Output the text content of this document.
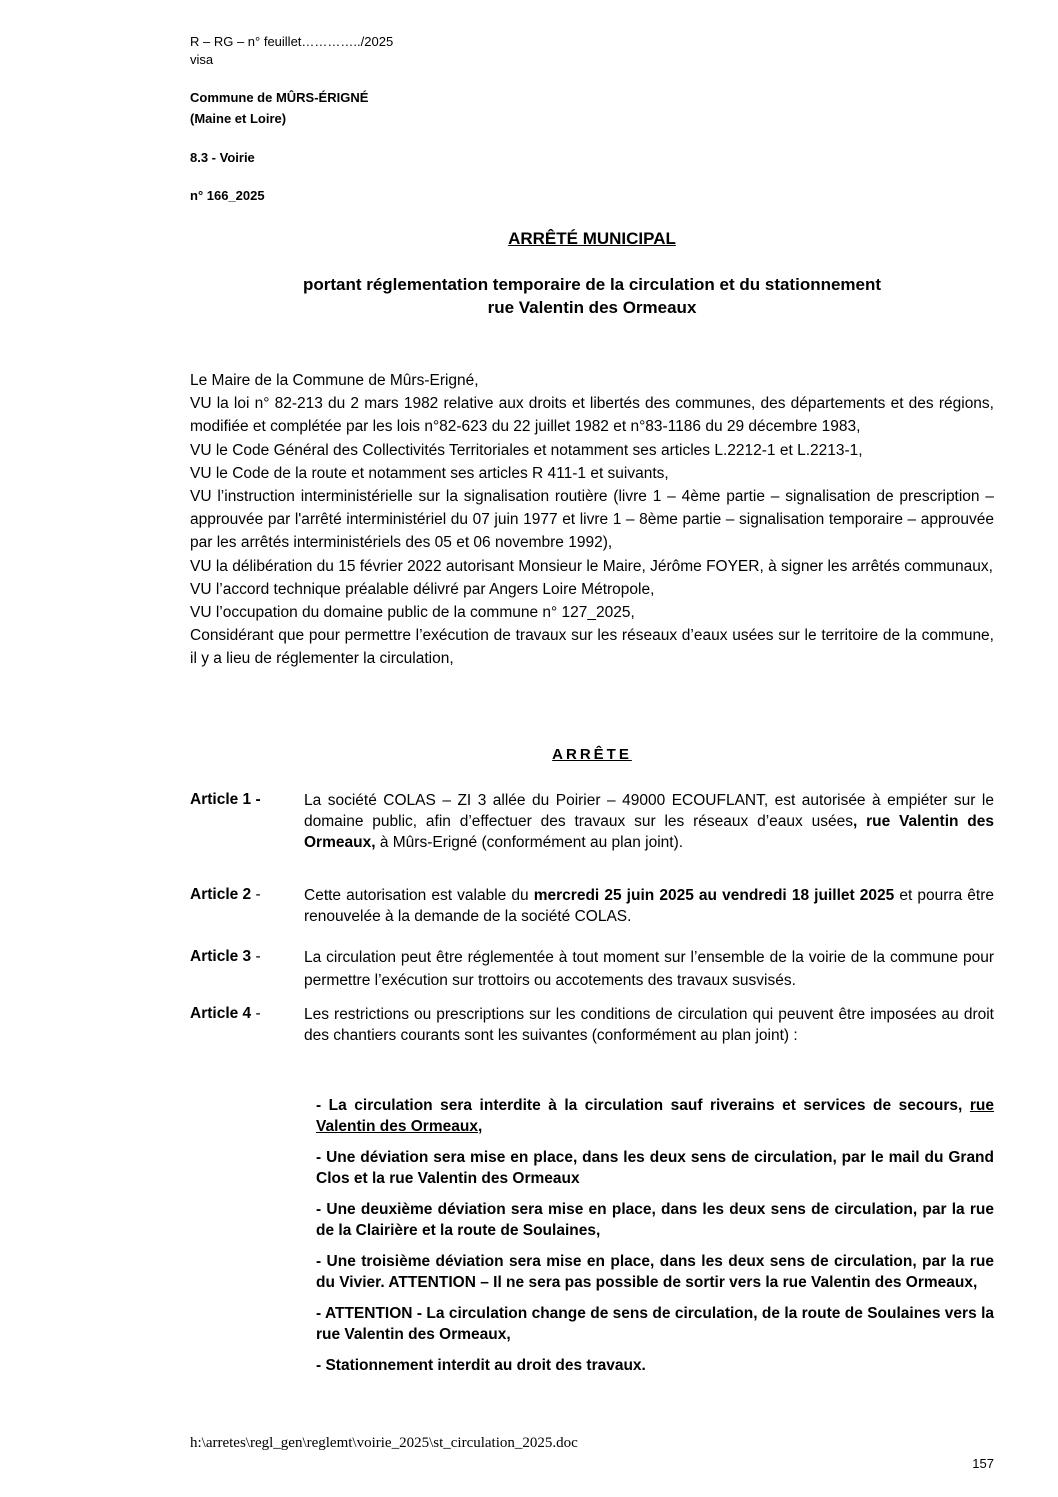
R – RG – n° feuillet…………../2025
visa
Commune de MÛRS-ÉRIGNÉ
(Maine et Loire)
8.3 - Voirie
n° 166_2025
ARRÊTÉ MUNICIPAL
portant réglementation temporaire de la circulation et du stationnement
rue Valentin des Ormeaux

Le Maire de la Commune de Mûrs-Erigné,

VU la loi n° 82-213 du 2 mars 1982 relative aux droits et libertés des communes, des départements et des régions, modifiée et complétée par les lois n°82-623 du 22 juillet 1982 et n°83-1186 du 29 décembre 1983,

VU le Code Général des Collectivités Territoriales et notamment ses articles L.2212-1 et L.2213-1,

VU le Code de la route et notamment ses articles R 411-1 et suivants,

VU l’instruction interministérielle sur la signalisation routière (livre 1 – 4ème partie – signalisation de prescription – approuvée par l'arrêté interministériel du 07 juin 1977 et livre 1 – 8ème partie – signalisation temporaire – approuvée par les arrêtés interministériels des 05 et 06 novembre 1992),

VU la délibération du 15 février 2022 autorisant Monsieur le Maire, Jérôme FOYER, à signer les arrêtés communaux,

VU l’accord technique préalable délivré par Angers Loire Métropole,

VU l’occupation du domaine public de la commune n° 127_2025,

Considérant que pour permettre l’exécution de travaux sur les réseaux d’eaux usées sur le territoire de la commune, il y a lieu de réglementer la circulation,

ARRÊTE
Article 1 -	La société COLAS – ZI 3 allée du Poirier – 49000 ECOUFLANT, est autorisée à empiéter sur le domaine public, afin d’effectuer des travaux sur les réseaux d’eaux usées, rue Valentin des Ormeaux, à Mûrs-Erigné (conformément au plan joint).
Article 2 -	Cette autorisation est valable du mercredi 25 juin 2025 au vendredi 18 juillet 2025 et pourra être renouvelée à la demande de la société COLAS.
Article 3 -	La circulation peut être réglementée à tout moment sur l’ensemble de la voirie de la commune pour permettre l’exécution sur trottoirs ou accotements des travaux susvisés.
Article 4 -	Les restrictions ou prescriptions sur les conditions de circulation qui peuvent être imposées au droit des chantiers courants sont les suivantes (conformément au plan joint) :

- La circulation sera interdite à la circulation sauf riverains et services de secours, rue Valentin des Ormeaux,

- Une déviation sera mise en place, dans les deux sens de circulation, par le mail du Grand Clos et la rue Valentin des Ormeaux

- Une deuxième déviation sera mise en place, dans les deux sens de circulation, par la rue de la Clairière et la route de Soulaines,

- Une troisième déviation sera mise en place, dans les deux sens de circulation, par la rue du Vivier. ATTENTION – Il ne sera pas possible de sortir vers la rue Valentin des Ormeaux,

- ATTENTION - La circulation change de sens de circulation, de la route de Soulaines vers la rue Valentin des Ormeaux,

- Stationnement interdit au droit des travaux.

h:\arretes\regl_gen\reglemt\voirie_2025\st_circulation_2025.doc
157
